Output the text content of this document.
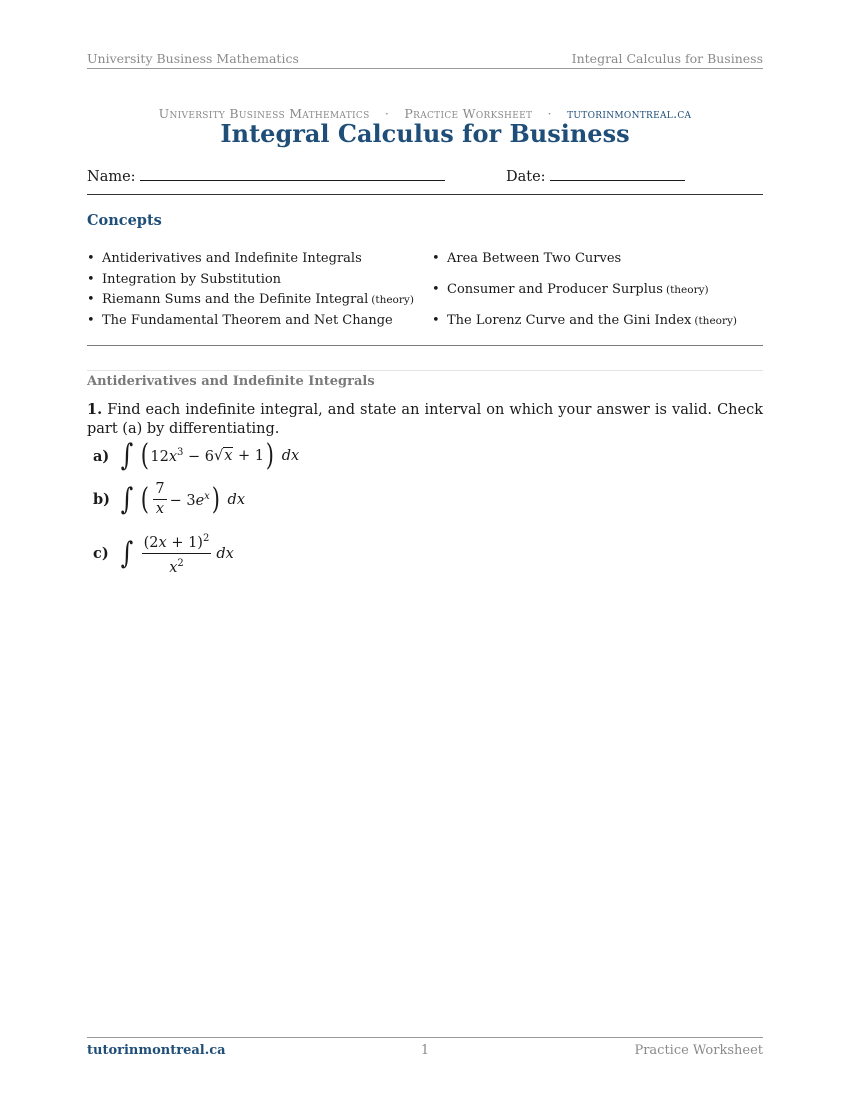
University Business Mathematics	Integral Calculus for Business
University Business Mathematics · Practice Worksheet · tutorinmontreal.ca
Integral Calculus for Business
Name:	Date:
Concepts
• Antiderivatives and Indefinite Integrals
• Integration by Substitution
• Riemann Sums and the Definite Integral (theory)
• The Fundamental Theorem and Net Change
• Area Between Two Curves
• Consumer and Producer Surplus (theory)
• The Lorenz Curve and the Gini Index (theory)
Antiderivatives and Indefinite Integrals
1. Find each indefinite integral, and state an interval on which your answer is valid. Check part (a) by differentiating.
a) ∫ ( $12x^3 - 6$ √x + 1 ) dx
b) ∫ ( $\frac{7}{x} - 3e^x$ ) dx
c) ∫ $\frac{(2x + 1)^2}{x^2}$ dx
tutorinmontreal.ca	1	Practice Worksheet
